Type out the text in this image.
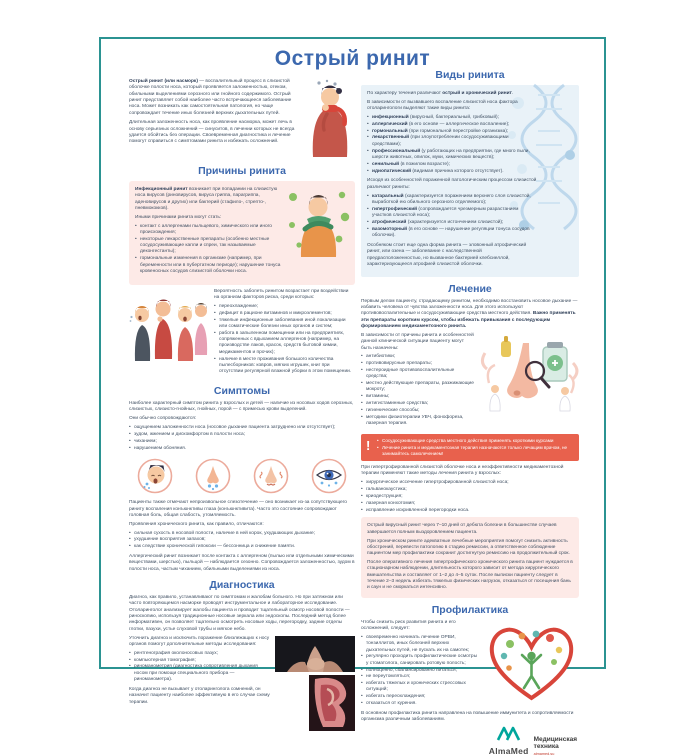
Острый ринит

Острый ринит (или насморк) — воспалительный процесс в слизистой оболочке полости носа, который проявляется заложенностью, отеком, обильными выделениями серозного или гнойного содержимого. Острый ринит представляет собой наиболее часто встречающееся заболевание носа. Может возникать как самостоятельная патология, но чаще сопровождает течение иных болезней верхних дыхательных путей.

Длительная заложенность носа, как проявление насморка, может лечь в основу серьезных осложнений — синуситов, в лечении которых не всегда удается обойтись без операции. Своевременная диагностика и лечение помогут справиться с симптомами ринита и избежать осложнений.

Причины ринита

Инфекционный ринит возникает при попадании на слизистую носа вирусов (риновирусов, вируса гриппа, парагриппа, аденовирусов и других) или бактерий (стафило-, стрепто-, пневмококков).

Иными причинами ринита могут стать:

• контакт с аллергенами пыльцевого, химического или иного происхождения;
• некоторые лекарственные препараты (особенно местные сосудосуживающие капли и спреи, так называемые деконгестанты);
• гормональные изменения в организме (например, при беременности или в пубертатном периоде); нарушение тонуса кровеносных сосудов слизистой оболочки носа.

Вероятность заболеть ринитом возрастает при воздействии на организм факторов риска, среди которых:

• переохлаждение;
• дефицит в рационе витаминов и микроэлементов;
• тяжелые инфекционные заболевания иной локализации или соматические болезни иных органов и систем;
• работа в запыленном помещении или на предприятиях, сопряженных с вдыханием аллергенов (например, на производстве лаков, красок, средств бытовой химии, медикаментов и прочих);
• наличие в месте проживания большого количества пылесборников: ковров, мягких игрушек, книг при отсутствии регулярной влажной уборки в этом помещении.
Симптомы

Наиболее характерный симптом ринита у взрослых и детей — наличие из носовых ходов серозных, слизистых, слизисто-гнойных, гнойных, порой — с примесью крови выделений.

Они обычно сопровождаются:

• ощущением заложенности носа (носовое дыхание пациента затруднено или отсутствует);
• зудом, жжением и дискомфортом в полости носа;
• чиханием;
• нарушением обоняния.

Пациенты также отмечают непроизвольное слезотечение — оно возникает из-за сопутствующего риниту воспаления конъюнктивы глаза (конъюнктивита). Часто это состояние сопровождают головная боль, общая слабость, утомляемость.

Проявления хронического ринита, как правило, отличаются:

• сильная сухость в носовой полости, наличие в ней корок, ухудшающих дыхание;
• ухудшение восприятия запахов;
• как следствие хронической гипоксии — бессонница и снижение памяти.

Аллергический ринит возникает после контакта с аллергеном (пылью или отдельными химическими веществами, шерстью), пыльцой — наблюдается сезонно. Сопровождается заложенностью, зудом в полости носа, частым чиханием, обильными выделениями из носа.

Диагностика

Диагноз, как правило, устанавливают по симптомам и жалобам больного. Но при затяжном или часто повторяющемся насморке проводят инструментальное и лабораторное исследование. Отоларинголог анализирует жалобы пациента и проводит тщательный осмотр носовой полости — риноскопию, используя традиционные носовые зеркала или эндоскопы. Последний метод более информативен, он позволяет тщательно осмотреть носовые ходы, перегородку, задние отделы глотки, пазухи, устье слуховой трубы и мягкое небо.

Уточнить диагноз и исключить поражение близлежащих к носу органов помогут дополнительные методы исследования:

• рентгенография околоносовых пазух;
• компьютерная томография;
• риноманометрия (диагностика сопротивления дыхания носом при помощи специального прибора — риноманометра).

Когда диагноз не вызывает у отоларинголога сомнений, он назначит пациенту наиболее эффективную в его случае схему терапии.

Виды ринита

По характеру течения различают острый и хронический ринит.

В зависимости от вызвавшего воспаление слизистой носа фактора отоларингологи выделяют такие виды ринита:

• инфекционный (вирусный, бактериальный, грибковый);
• аллергический (в его основе — аллергическое воспаление);
• гормональный (при гормональной перестройке организма);
• лекарственный (при злоупотреблении сосудосуживающими средствами);
• профессиональный (у работающих на предприятии, где много пыли, шерсти животных, опилок, муки, химических веществ);
• сенильный (в пожилом возрасте);
• идиопатический (видимая причина которого отсутствует).

Исходя из особенностей пораженной патологическим процессом слизистой различают риниты:

• катаральный (характеризуется поражением верхнего слоя слизистой, выработкой ею обильного серозного отделяемого);
• гипертрофический (сопровождается чрезмерным разрастанием участков слизистой носа);
• атрофический (характеризуется истончением слизистой);
• вазомоторный (в его основе — нарушение регуляции тонуса сосудов оболочки).

Особняком стоит еще одна форма ринита — зловонный атрофический ринит, или озена — заболевание с наследственной предрасположенностью, но вызванное бактерией клебсиеллой, характеризующееся атрофией слизистой оболочки.

Лечение

Первым делом пациенту, страдающему ринитом, необходимо восстановить носовое дыхание — избавить человека от чувства заложенности носа. Для этого используют противовоспалительные и сосудосуживающие средства местного действия. Важно применять эти препараты коротким курсом, чтобы избежать привыкания с последующим формированием медикаментозного ринита.

В зависимости от причины ринита и особенностей данной клинической ситуации пациенту могут быть назначены:

• антибиотики;
• противовирусные препараты;
• нестероидные противовоспалительные средства;
• местно действующие препараты, разжижающие мокроту;
• витамины;
• антигистаминные средства;
• гигиенические способы;
• методики физиотерапии УВЧ, фонофореза, лазерная терапия.
!	• Сосудосуживающие средства местного действия применять короткими курсами
• Лечение ринита и медикаментозная терапия назначаются только лечащим врачом, не занимайтесь самолечением!

При гипертрофированной слизистой оболочке носа и неэффективности медикаментозной терапии применяют такие методы лечения ринита у взрослых:

• хирургическое иссечение гипертрофированной слизистой носа;
• гальванокаустика;
• криодеструкция;
• лазерная конхотомия;
• исправление искривленной перегородки носа.

Острый вирусный ринит через 7–10 дней от дебюта болезни в большинстве случаев завершается полным выздоровлением пациента.

При хроническом рините адекватные лечебные мероприятия помогут снизить активность обострений, перевести патологию в стадию ремиссии, а ответственное соблюдение пациентом мер профилактики сохранит достигнутую ремиссию на продолжительный срок.

После оперативного лечения гипертрофического хронического ринита пациент нуждается в стационарном наблюдении, длительность которого зависит от метода хирургического вмешательства и составляет от 1–2 до 4–5 суток. После выписки пациенту следует в течение 2–3 недель избегать тяжелых физических нагрузок, отказаться от посещения бань и саун и не сморкаться интенсивно.

Профилактика

Чтобы снизить риск развития ринита и его осложнений, следует:

• своевременно начинать лечение ОРВИ, тонзиллитов, иных болезней верхних дыхательных путей, не пускать их на самотек;
• регулярно проходить профилактические осмотры у стоматолога, санировать ротовую полость;
• полноценно, сбалансированно питаться;
• не переутомляться;
• избегать тяжелых и хронических стрессовых ситуаций;
• избегать переохлаждения;
• отказаться от курения.

В основном профилактика ринита направлена на повышение иммунитета и сопротивляемости организма различным заболеваниям.

AlmaMed
Медицинская
техника
almamed.su
